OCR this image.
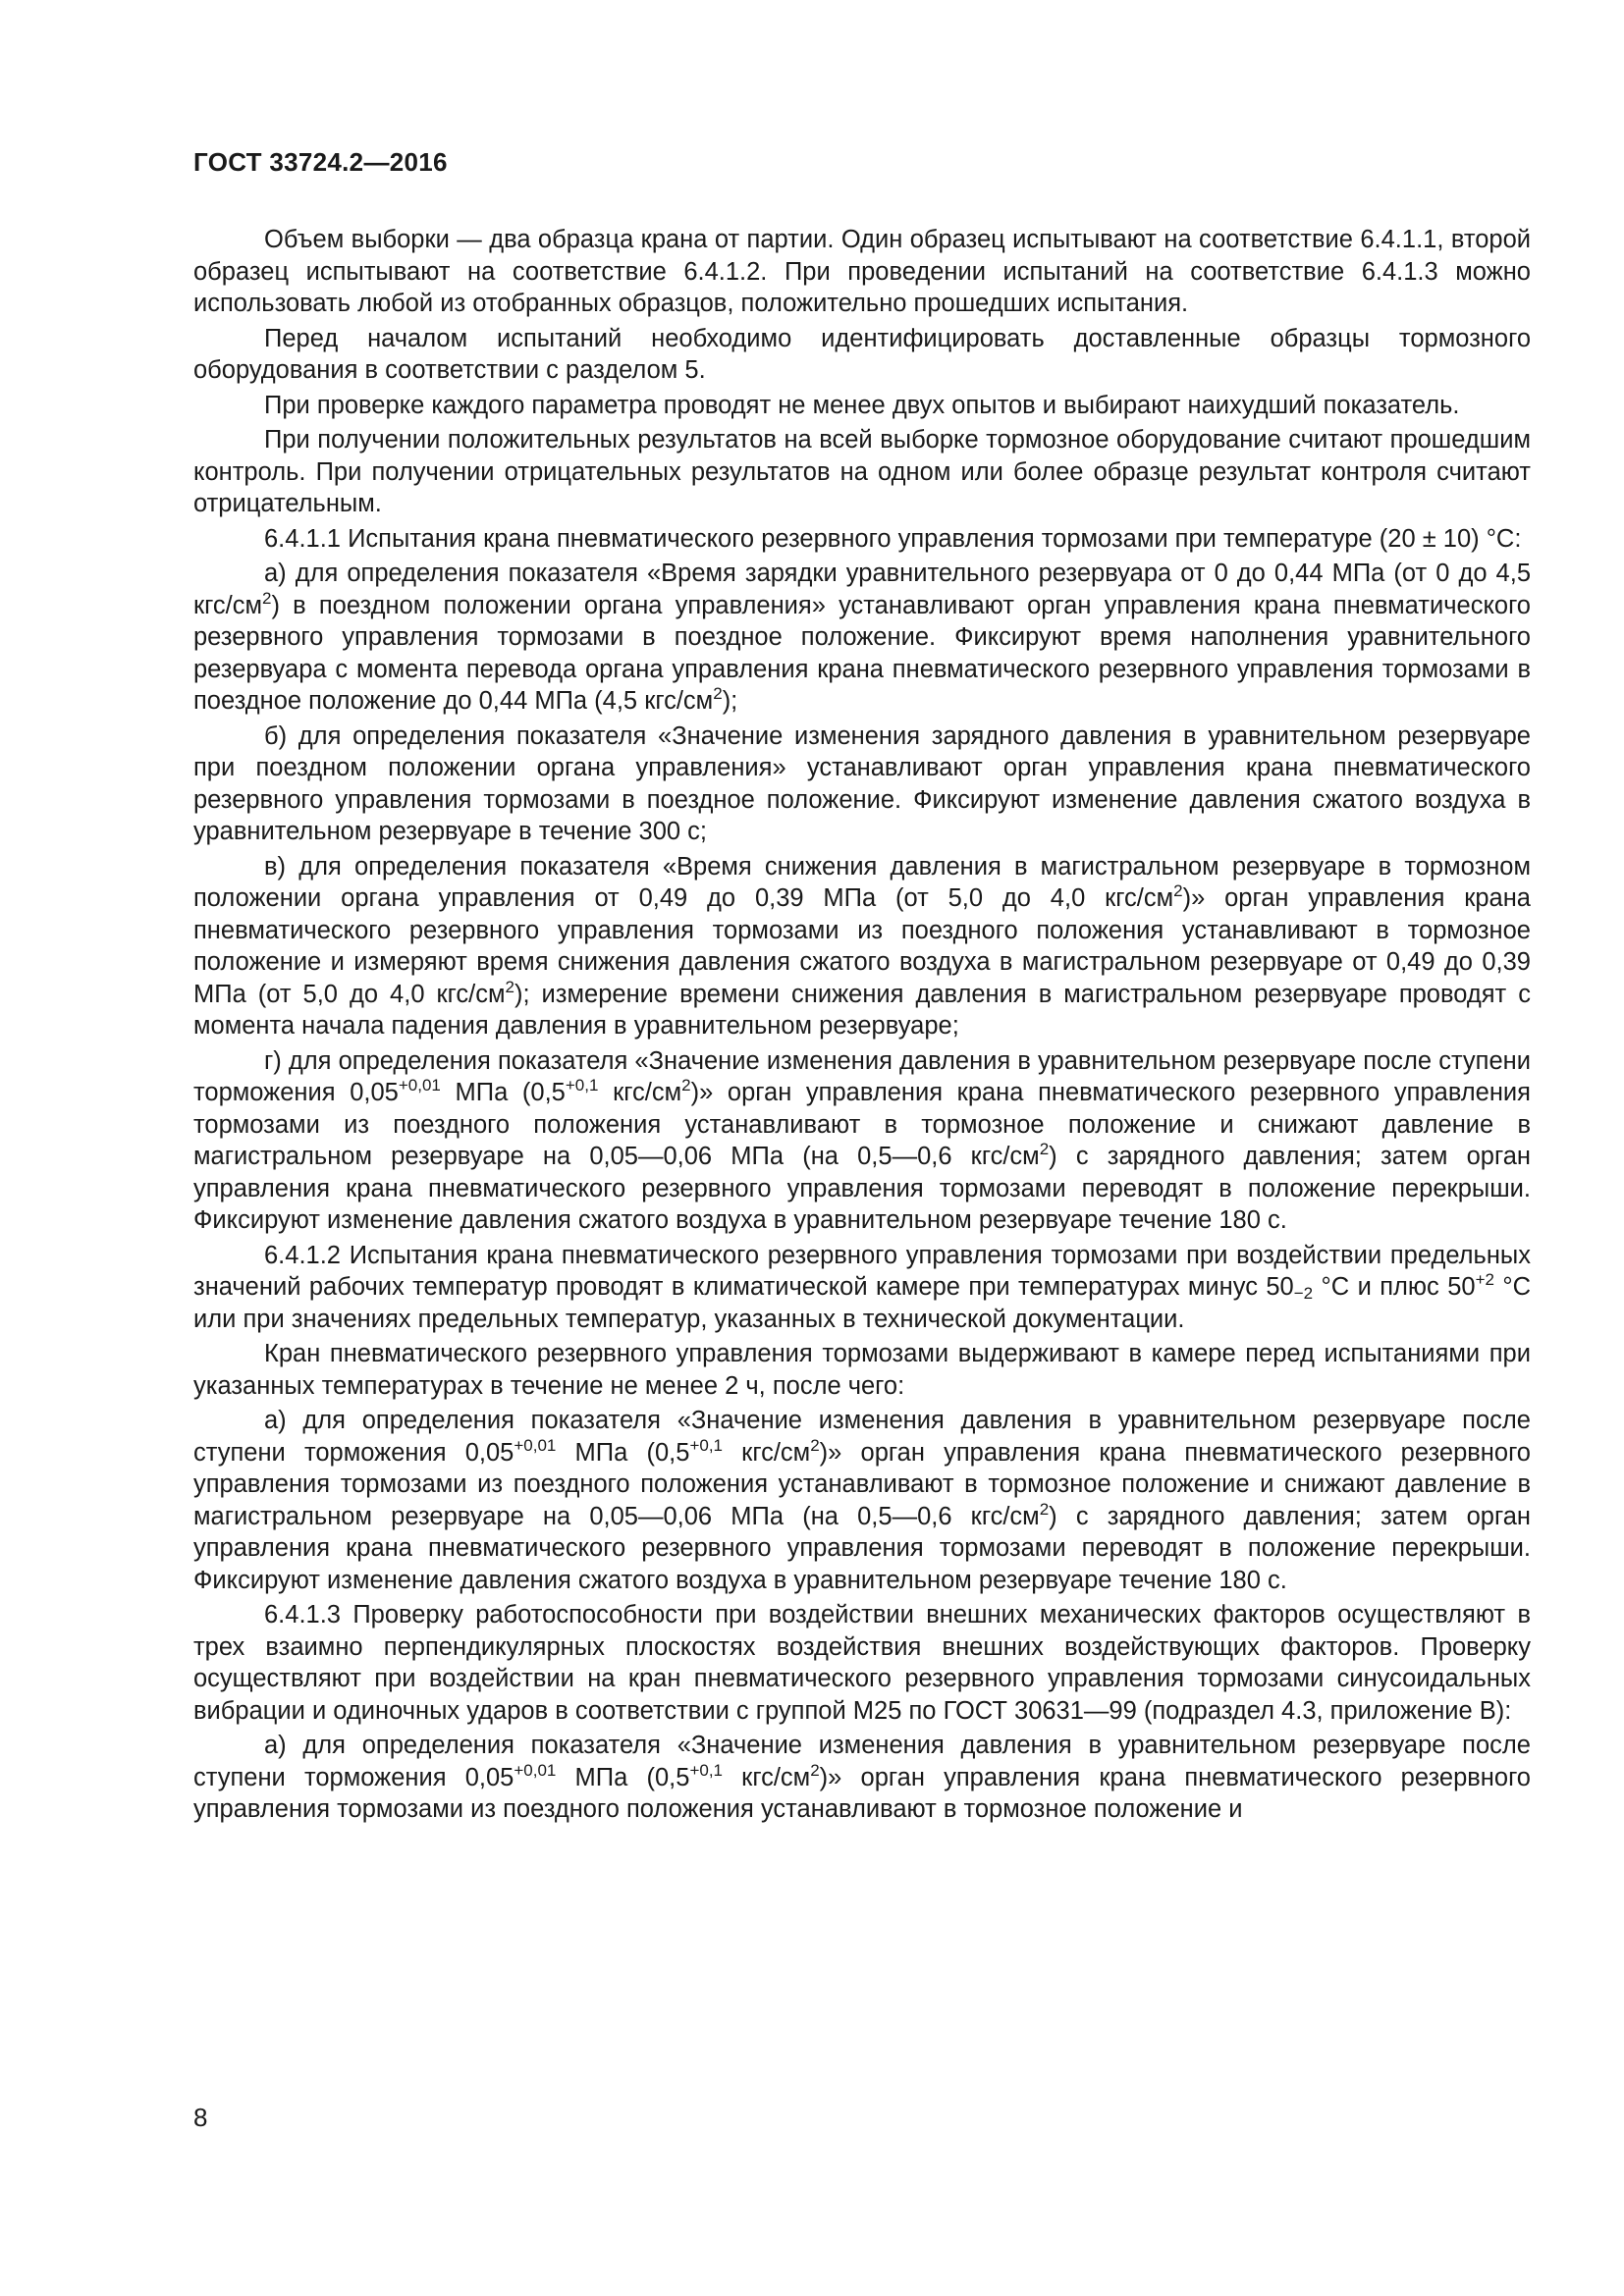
ГОСТ 33724.2—2016

Объем выборки — два образца крана от партии. Один образец испытывают на соответствие 6.4.1.1, второй образец испытывают на соответствие 6.4.1.2. При проведении испытаний на соответствие 6.4.1.3 можно использовать любой из отобранных образцов, положительно прошедших испытания.

Перед началом испытаний необходимо идентифицировать доставленные образцы тормозного оборудования в соответствии с разделом 5.

При проверке каждого параметра проводят не менее двух опытов и выбирают наихудший показатель.

При получении положительных результатов на всей выборке тормозное оборудование считают прошедшим контроль. При получении отрицательных результатов на одном или более образце результат контроля считают отрицательным.

6.4.1.1 Испытания крана пневматического резервного управления тормозами при температуре (20 ± 10) °С:

а) для определения показателя «Время зарядки уравнительного резервуара от 0 до 0,44 МПа (от 0 до 4,5 кгс/$см^2$) в поездном положении органа управления» устанавливают орган управления крана пневматического резервного управления тормозами в поездное положение. Фиксируют время наполнения уравнительного резервуара с момента перевода органа управления крана пневматического резервного управления тормозами в поездное положение до 0,44 МПа (4,5 кгс/$см^2$);

б) для определения показателя «Значение изменения зарядного давления в уравнительном резервуаре при поездном положении органа управления» устанавливают орган управления крана пневматического резервного управления тормозами в поездное положение. Фиксируют изменение давления сжатого воздуха в уравнительном резервуаре в течение 300 с;

в) для определения показателя «Время снижения давления в магистральном резервуаре в тормозном положении органа управления от 0,49 до 0,39 МПа (от 5,0 до 4,0 кгс/$см^2$)» орган управления крана пневматического резервного управления тормозами из поездного положения устанавливают в тормозное положение и измеряют время снижения давления сжатого воздуха в магистральном резервуаре от 0,49 до 0,39 МПа (от 5,0 до 4,0 кгс/$см^2$); измерение времени снижения давления в магистральном резервуаре проводят с момента начала падения давления в уравнительном резервуаре;

г) для определения показателя «Значение изменения давления в уравнительном резервуаре после ступени торможения $0,05^{+0,01}$ МПа ($0,5^{+0,1}$ кгс/$см^2$)» орган управления крана пневматического резервного управления тормозами из поездного положения устанавливают в тормозное положение и снижают давление в магистральном резервуаре на 0,05—0,06 МПа (на 0,5—0,6 кгс/$см^2$) с зарядного давления; затем орган управления крана пневматического резервного управления тормозами переводят в положение перекрыши. Фиксируют изменение давления сжатого воздуха в уравнительном резервуаре течение 180 с.

6.4.1.2 Испытания крана пневматического резервного управления тормозами при воздействии предельных значений рабочих температур проводят в климатической камере при температурах минус $50_{-2}$ °С и плюс $50^{+2}$ °С или при значениях предельных температур, указанных в технической документации.

Кран пневматического резервного управления тормозами выдерживают в камере перед испытаниями при указанных температурах в течение не менее 2 ч, после чего:

а) для определения показателя «Значение изменения давления в уравнительном резервуаре после ступени торможения $0,05^{+0,01}$ МПа ($0,5^{+0,1}$ кгс/$см^2$)» орган управления крана пневматического резервного управления тормозами из поездного положения устанавливают в тормозное положение и снижают давление в магистральном резервуаре на 0,05—0,06 МПа (на 0,5—0,6 кгс/$см^2$) с зарядного давления; затем орган управления крана пневматического резервного управления тормозами переводят в положение перекрыши. Фиксируют изменение давления сжатого воздуха в уравнительном резервуаре течение 180 с.

6.4.1.3 Проверку работоспособности при воздействии внешних механических факторов осуществляют в трех взаимно перпендикулярных плоскостях воздействия внешних воздействующих факторов. Проверку осуществляют при воздействии на кран пневматического резервного управления тормозами синусоидальных вибрации и одиночных ударов в соответствии с группой М25 по ГОСТ 30631—99 (подраздел 4.3, приложение В):

а) для определения показателя «Значение изменения давления в уравнительном резервуаре после ступени торможения $0,05^{+0,01}$ МПа ($0,5^{+0,1}$ кгс/$см^2$)» орган управления крана пневматического резервного управления тормозами из поездного положения устанавливают в тормозное положение и

8
